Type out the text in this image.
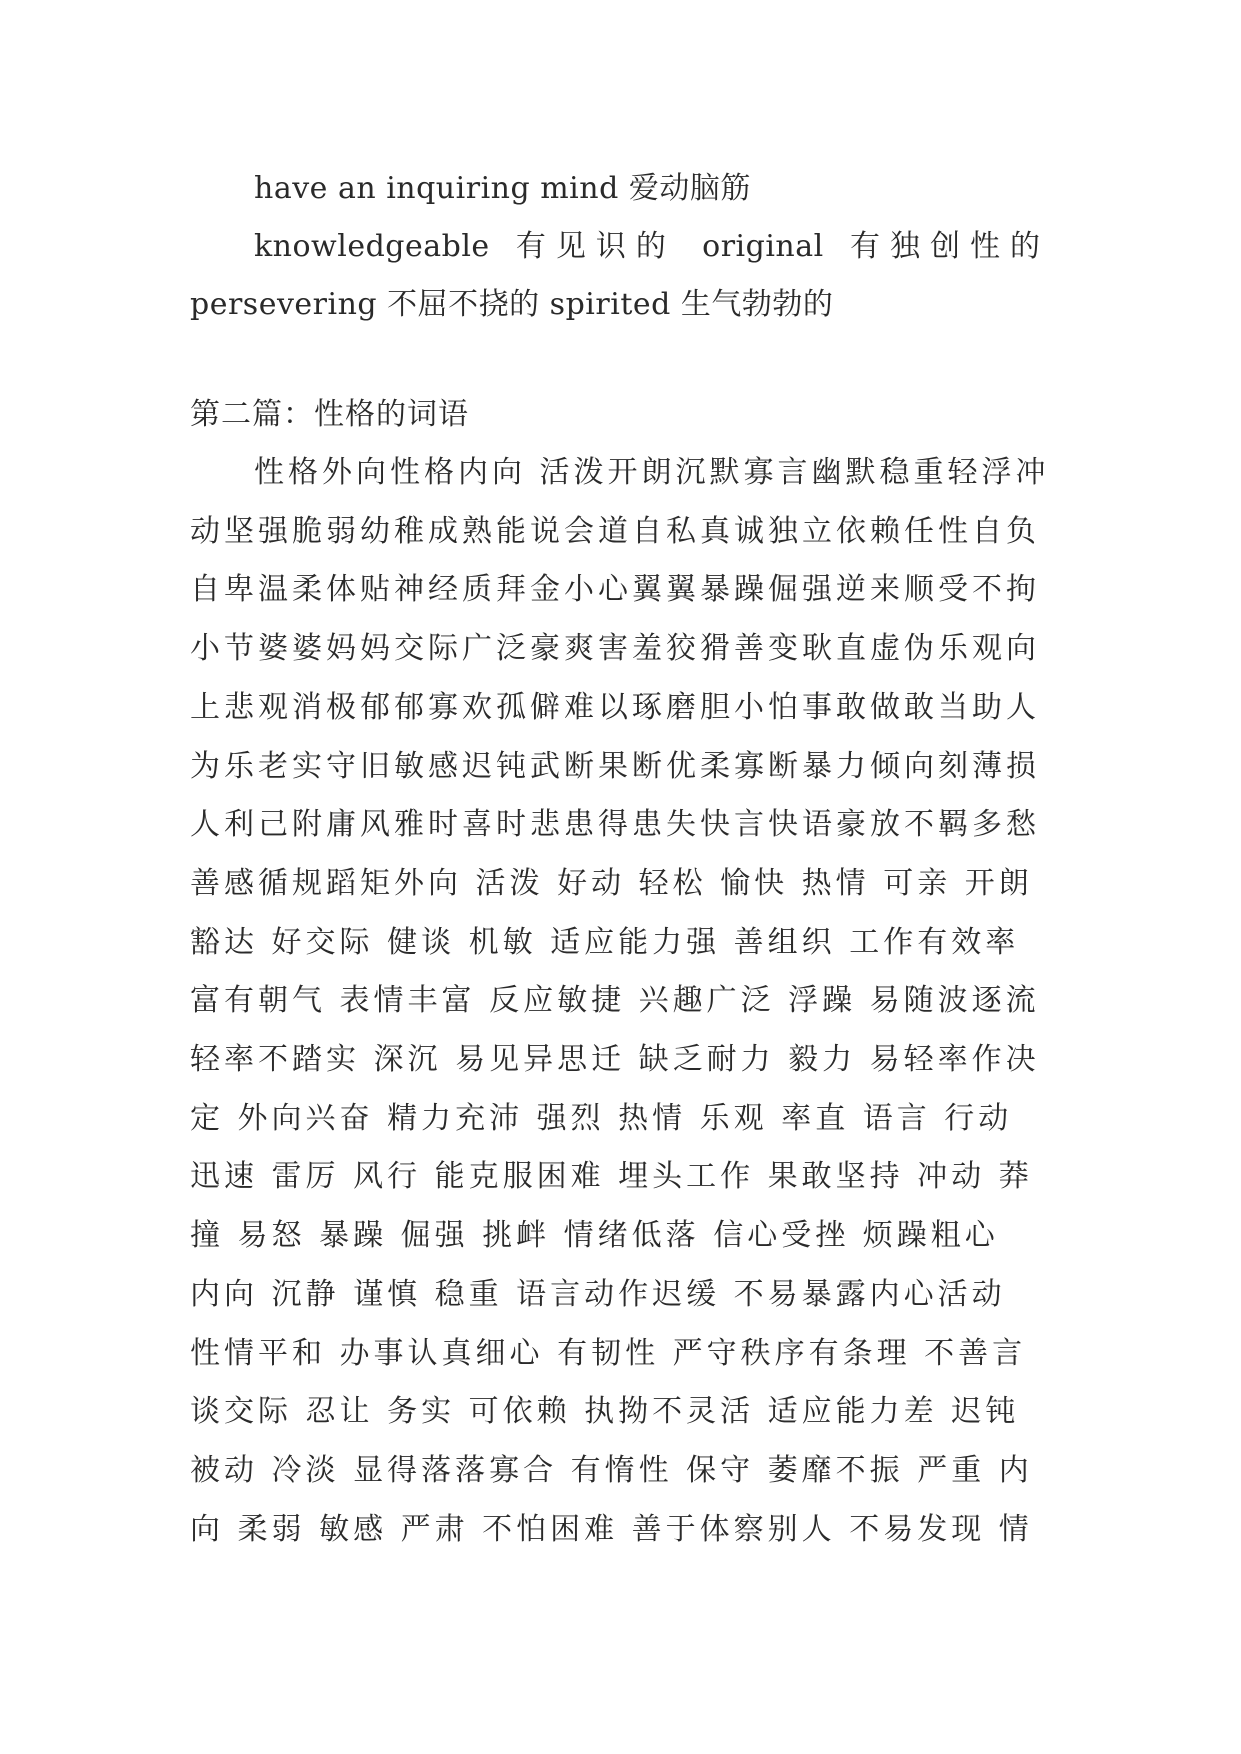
have an inquiring mind 爱动脑筋
knowledgeable 有见识的 original 有独创性的
persevering 不屈不挠的 spirited 生气勃勃的
第二篇：性格的词语
性格外向性格内向 活泼开朗沉默寡言幽默稳重轻浮冲
动坚强脆弱幼稚成熟能说会道自私真诚独立依赖任性自负
自卑温柔体贴神经质拜金小心翼翼暴躁倔强逆来顺受不拘
小节婆婆妈妈交际广泛豪爽害羞狡猾善变耿直虚伪乐观向
上悲观消极郁郁寡欢孤僻难以琢磨胆小怕事敢做敢当助人
为乐老实守旧敏感迟钝武断果断优柔寡断暴力倾向刻薄损
人利己附庸风雅时喜时悲患得患失快言快语豪放不羁多愁
善感循规蹈矩外向 活泼 好动 轻松 愉快 热情 可亲 开朗
豁达 好交际 健谈 机敏 适应能力强 善组织 工作有效率
富有朝气 表情丰富 反应敏捷 兴趣广泛 浮躁 易随波逐流
轻率不踏实 深沉 易见异思迁 缺乏耐力 毅力 易轻率作决
定 外向兴奋 精力充沛 强烈 热情 乐观 率直 语言 行动
迅速 雷厉 风行 能克服困难 埋头工作 果敢坚持 冲动 莽
撞 易怒 暴躁 倔强 挑衅 情绪低落 信心受挫 烦躁粗心
内向 沉静 谨慎 稳重 语言动作迟缓 不易暴露内心活动
性情平和 办事认真细心 有韧性 严守秩序有条理 不善言
谈交际 忍让 务实 可依赖 执拗不灵活 适应能力差 迟钝
被动 冷淡 显得落落寡合 有惰性 保守 萎靡不振 严重 内
向 柔弱 敏感 严肃 不怕困难 善于体察别人 不易发现 情
